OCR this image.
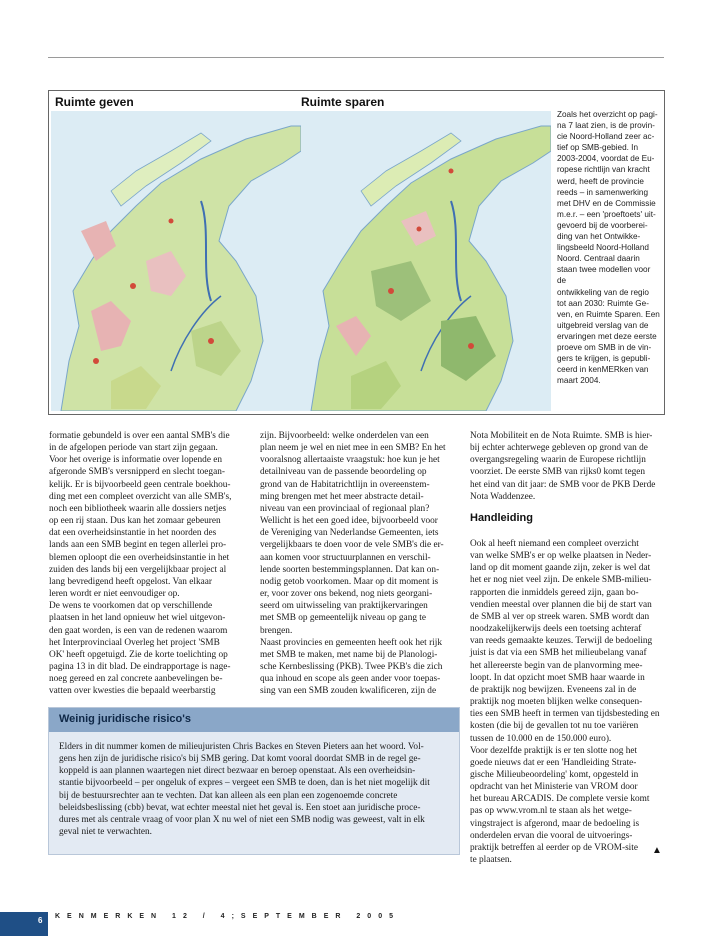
Ruimte geven	Ruimte sparen
Zoals het overzicht op pagi-
na 7 laat zien, is de provin-
cie Noord-Holland zeer ac-
tief op SMB-gebied. In
2003-2004, voordat de Eu-
ropese richtlijn van kracht
werd, heeft de provincie
reeds – in samenwerking
met DHV en de Commissie
m.e.r. – een 'proeftoets' uit-
gevoerd bij de voorberei-
ding van het Ontwikke-
lingsbeeld Noord-Holland
Noord. Centraal daarin
staan twee modellen voor de
ontwikkeling van de regio
tot aan 2030: Ruimte Ge-
ven, en Ruimte Sparen. Een
uitgebreid verslag van de
ervaringen met deze eerste
proeve om SMB in de vin-
gers te krijgen, is gepubli-
ceerd in kenMERken van
maart 2004.
formatie gebundeld is over een aantal SMB's die
in de afgelopen periode van start zijn gegaan.
Voor het overige is informatie over lopende en
afgeronde SMB's versnipperd en slecht toegan-
kelijk. Er is bijvoorbeeld geen centrale boekhou-
ding met een compleet overzicht van alle SMB's,
noch een bibliotheek waarin alle dossiers netjes
op een rij staan. Dus kan het zomaar gebeuren
dat een overheidsinstantie in het noorden des
lands aan een SMB begint en tegen allerlei pro-
blemen oploopt die een overheidsinstantie in het
zuiden des lands bij een vergelijkbaar project al
lang bevredigend heeft opgelost. Van elkaar
leren wordt er niet eenvoudiger op.
De wens te voorkomen dat op verschillende
plaatsen in het land opnieuw het wiel uitgevon-
den gaat worden, is een van de redenen waarom
het Interprovinciaal Overleg het project 'SMB
OK' heeft opgetuigd. Zie de korte toelichting op
pagina 13 in dit blad. De eindrapportage is nage-
noeg gereed en zal concrete aanbevelingen be-
vatten over kwesties die bepaald weerbarstig
zijn. Bijvoorbeeld: welke onderdelen van een
plan neem je wel en niet mee in een SMB? En het
vooralsnog allertaaiste vraagstuk: hoe kun je het
detailniveau van de passende beoordeling op
grond van de Habitatrichtlijn in overeenstem-
ming brengen met het meer abstracte detail-
niveau van een provinciaal of regionaal plan?
Wellicht is het een goed idee, bijvoorbeeld voor
de Vereniging van Nederlandse Gemeenten, iets
vergelijkbaars te doen voor de vele SMB's die er-
aan komen voor structuurplannen en verschil-
lende soorten bestemmingsplannen. Dat kan on-
nodig getob voorkomen. Maar op dit moment is
er, voor zover ons bekend, nog niets georgani-
seerd om uitwisseling van praktijkervaringen
met SMB op gemeentelijk niveau op gang te
brengen.
Naast provincies en gemeenten heeft ook het rijk
met SMB te maken, met name bij de Planologi-
sche Kernbeslissing (PKB). Twee PKB's die zich
qua inhoud en scope als geen ander voor toepas-
sing van een SMB zouden kwalificeren, zijn de
Nota Mobiliteit en de Nota Ruimte. SMB is hier-
bij echter achterwege gebleven op grond van de
overgangsregeling waarin de Europese richtlijn
voorziet. De eerste SMB van rijks0 komt tegen
het eind van dit jaar: de SMB voor de PKB Derde
Nota Waddenzee.
Handleiding
Ook al heeft niemand een compleet overzicht
van welke SMB's er op welke plaatsen in Neder-
land op dit moment gaande zijn, zeker is wel dat
het er nog niet veel zijn. De enkele SMB-milieu-
rapporten die inmiddels gereed zijn, gaan bo-
vendien meestal over plannen die bij de start van
de SMB al ver op streek waren. SMB wordt dan
noodzakelijkerwijs deels een toetsing achteraf
van reeds gemaakte keuzes. Terwijl de bedoeling
juist is dat via een SMB het milieubelang vanaf
het allereerste begin van de planvorming mee-
loopt. In dat opzicht moet SMB haar waarde in
de praktijk nog bewijzen. Eveneens zal in de
praktijk nog moeten blijken welke consequen-
ties een SMB heeft in termen van tijdsbesteding en
kosten (die bij de gevallen tot nu toe variëren
tussen de 10.000 en de 150.000 euro).
Voor dezelfde praktijk is er ten slotte nog het
goede nieuws dat er een 'Handleiding Strate-
gische Milieubeoordeling' komt, opgesteld in
opdracht van het Ministerie van VROM door
het bureau ARCADIS. De complete versie komt
pas op www.vrom.nl te staan als het wetge-
vingstraject is afgerond, maar de bedoeling is
onderdelen ervan die vooral de uitvoerings-
praktijk betreffen al eerder op de VROM-site
te plaatsen.
▲
Weinig juridische risico's
Elders in dit nummer komen de milieujuristen Chris Backes en Steven Pieters aan het woord. Vol-
gens hen zijn de juridische risico's bij SMB gering. Dat komt vooral doordat SMB in de regel ge-
koppeld is aan plannen waartegen niet direct bezwaar en beroep openstaat. Als een overheidsin-
stantie bijvoorbeeld – per ongeluk of expres – vergeet een SMB te doen, dan is het niet mogelijk dit
bij de bestuursrechter aan te vechten. Dat kan alleen als een plan een zogenoemde concrete
beleidsbeslissing (cbb) bevat, wat echter meestal niet het geval is. Een stoet aan juridische proce-
dures met als centrale vraag of voor plan X nu wel of niet een SMB nodig was geweest, valt in elk
geval niet te verwachten.
6 KENMERKEN 12 / 4;SEPTEMBER 2005
